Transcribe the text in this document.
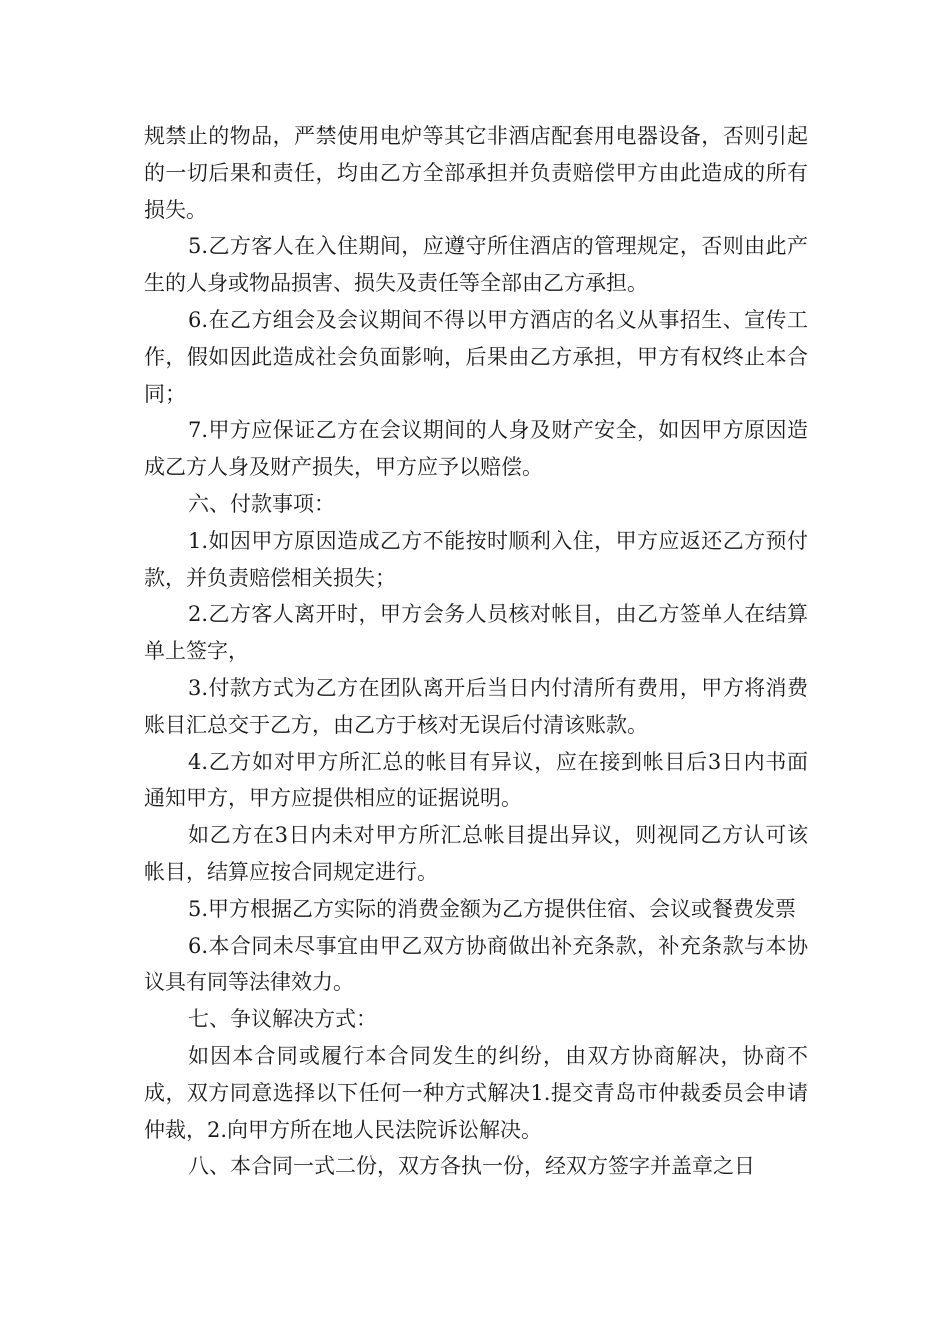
规禁止的物品，严禁使用电炉等其它非酒店配套用电器设备，否则引起的一切后果和责任，均由乙方全部承担并负责赔偿甲方由此造成的所有损失。

5.乙方客人在入住期间，应遵守所住酒店的管理规定，否则由此产生的人身或物品损害、损失及责任等全部由乙方承担。

6.在乙方组会及会议期间不得以甲方酒店的名义从事招生、宣传工作，假如因此造成社会负面影响，后果由乙方承担，甲方有权终止本合同；

7.甲方应保证乙方在会议期间的人身及财产安全，如因甲方原因造成乙方人身及财产损失，甲方应予以赔偿。

六、付款事项：

1.如因甲方原因造成乙方不能按时顺利入住，甲方应返还乙方预付款，并负责赔偿相关损失；

2.乙方客人离开时，甲方会务人员核对帐目，由乙方签单人在结算单上签字，

3.付款方式为乙方在团队离开后当日内付清所有费用，甲方将消费账目汇总交于乙方，由乙方于核对无误后付清该账款。

4.乙方如对甲方所汇总的帐目有异议，应在接到帐目后3日内书面通知甲方，甲方应提供相应的证据说明。

如乙方在3日内未对甲方所汇总帐目提出异议，则视同乙方认可该帐目，结算应按合同规定进行。

5.甲方根据乙方实际的消费金额为乙方提供住宿、会议或餐费发票

6.本合同未尽事宜由甲乙双方协商做出补充条款，补充条款与本协议具有同等法律效力。

七、争议解决方式：

如因本合同或履行本合同发生的纠纷，由双方协商解决，协商不成，双方同意选择以下任何一种方式解决1.提交青岛市仲裁委员会申请仲裁，2.向甲方所在地人民法院诉讼解决。

八、本合同一式二份，双方各执一份，经双方签字并盖章之日
